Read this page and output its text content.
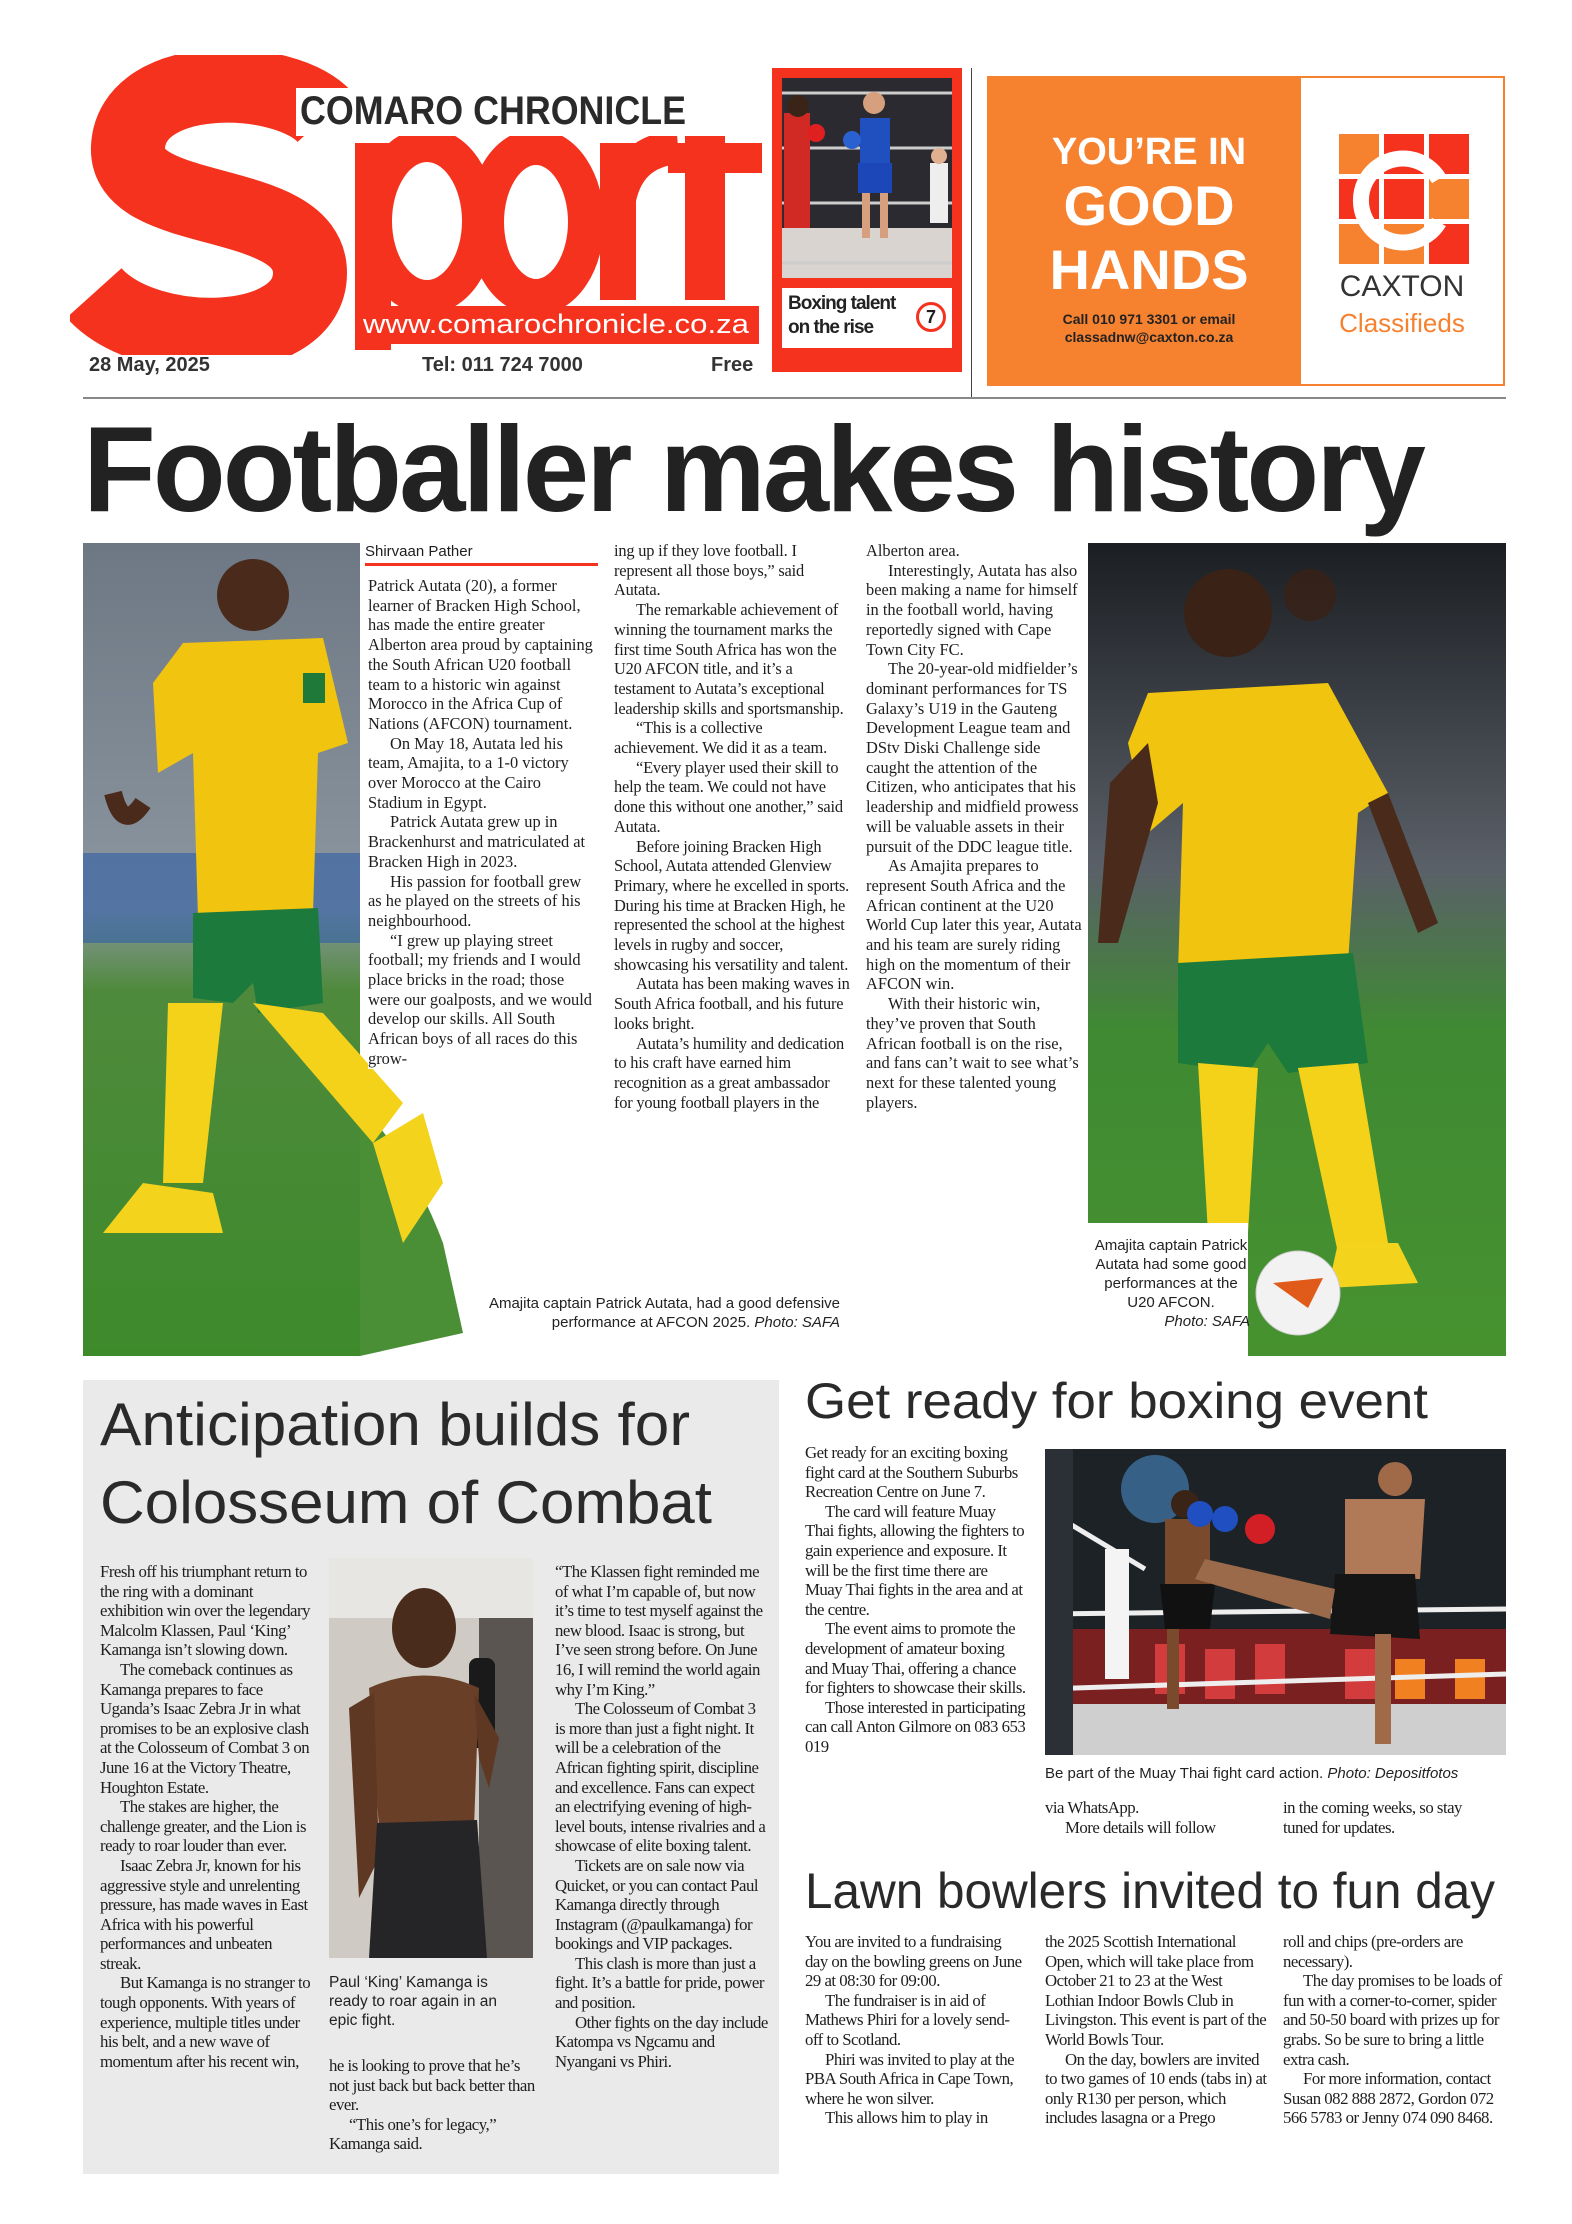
COMARO CHRONICLE
www.comarochronicle.co.za
28 May, 2025	Tel: 011 724 7000	Free
Boxing talent on the rise	7
YOU’RE IN
GOOD
HANDS
Call 010 971 3301 or email
classadnw@caxton.co.za
CAXTON
Classifieds
Footballer makes history
Shirvaan Pather

Patrick Autata (20), a former learner of Bracken High School, has made the entire greater Alberton area proud by captaining the South African U20 football team to a historic win against Morocco in the Africa Cup of Nations (AFCON) tournament.

On May 18, Autata led his team, Amajita, to a 1-0 victory over Morocco at the Cairo Stadium in Egypt.

Patrick Autata grew up in Brackenhurst and matriculated at Bracken High in 2023.

His passion for football grew as he played on the streets of his neighbourhood.

“I grew up playing street football; my friends and I would place bricks in the road; those were our goalposts, and we would develop our skills. All South African boys of all races do this grow-

ing up if they love football. I represent all those boys,” said Autata.

The remarkable achievement of winning the tournament marks the first time South Africa has won the U20 AFCON title, and it’s a testament to Autata’s exceptional leadership skills and sportsmanship.

“This is a collective achievement. We did it as a team.

“Every player used their skill to help the team. We could not have done this without one another,” said Autata.

Before joining Bracken High School, Autata attended Glenview Primary, where he excelled in sports. During his time at Bracken High, he represented the school at the highest levels in rugby and soccer, showcasing his versatility and talent.

Autata has been making waves in South Africa football, and his future looks bright.

Autata’s humility and dedication to his craft have earned him recognition as a great ambassador for young football players in the

Alberton area.

Interestingly, Autata has also been making a name for himself in the football world, having reportedly signed with Cape Town City FC.

The 20-year-old midfielder’s dominant performances for TS Galaxy’s U19 in the Gauteng Development League team and DStv Diski Challenge side caught the attention of the Citizen, who anticipates that his leadership and midfield prowess will be valuable assets in their pursuit of the DDC league title.

As Amajita prepares to represent South Africa and the African continent at the U20 World Cup later this year, Autata and his team are surely riding high on the momentum of their AFCON win.

With their historic win, they’ve proven that South African football is on the rise, and fans can’t wait to see what’s next for these talented young players.

Amajita captain Patrick Autata, had a good defensive performance at AFCON 2025. Photo: SAFA
Amajita captain Patrick Autata had some good performances at the U20 AFCON.
Photo: SAFA
Anticipation builds for
Colosseum of Combat

Fresh off his triumphant return to the ring with a dominant exhibition win over the legendary Malcolm Klassen, Paul ‘King’ Kamanga isn’t slowing down.

The comeback continues as Kamanga prepares to face Uganda’s Isaac Zebra Jr in what promises to be an explosive clash at the Colosseum of Combat 3 on June 16 at the Victory Theatre, Houghton Estate.

The stakes are higher, the challenge greater, and the Lion is ready to roar louder than ever.

Isaac Zebra Jr, known for his aggressive style and unrelenting pressure, has made waves in East Africa with his powerful performances and unbeaten streak.

But Kamanga is no stranger to tough opponents. With years of experience, multiple titles under his belt, and a new wave of momentum after his recent win,

Paul ‘King’ Kamanga is ready to roar again in an epic fight.

he is looking to prove that he’s not just back but back better than ever.

“This one’s for legacy,” Kamanga said.

“The Klassen fight reminded me of what I’m capable of, but now it’s time to test myself against the new blood. Isaac is strong, but I’ve seen strong before. On June 16, I will remind the world again why I’m King.”

The Colosseum of Combat 3 is more than just a fight night. It will be a celebration of the African fighting spirit, discipline and excellence. Fans can expect an electrifying evening of high-level bouts, intense rivalries and a showcase of elite boxing talent.

Tickets are on sale now via Quicket, or you can contact Paul Kamanga directly through Instagram (@paulkamanga) for bookings and VIP packages.

This clash is more than just a fight. It’s a battle for pride, power and position.

Other fights on the day include Katompa vs Ngcamu and Nyangani vs Phiri.

Get ready for boxing event

Get ready for an exciting boxing fight card at the Southern Suburbs Recreation Centre on June 7.

The card will feature Muay Thai fights, allowing the fighters to gain experience and exposure. It will be the first time there are Muay Thai fights in the area and at the centre.

The event aims to promote the development of amateur boxing and Muay Thai, offering a chance for fighters to showcase their skills.

Those interested in participating can call Anton Gilmore on 083 653 019

Be part of the Muay Thai fight card action. Photo: Depositfotos

via WhatsApp.

More details will follow

in the coming weeks, so stay tuned for updates.

Lawn bowlers invited to fun day

You are invited to a fundraising day on the bowling greens on June 29 at 08:30 for 09:00.

The fundraiser is in aid of Mathews Phiri for a lovely send-off to Scotland.

Phiri was invited to play at the PBA South Africa in Cape Town, where he won silver.

This allows him to play in

the 2025 Scottish International Open, which will take place from October 21 to 23 at the West Lothian Indoor Bowls Club in Livingston. This event is part of the World Bowls Tour.

On the day, bowlers are invited to two games of 10 ends (tabs in) at only R130 per person, which includes lasagna or a Prego

roll and chips (pre-orders are necessary).

The day promises to be loads of fun with a corner-to-corner, spider and 50-50 board with prizes up for grabs. So be sure to bring a little extra cash.

For more information, contact Susan 082 888 2872, Gordon 072 566 5783 or Jenny 074 090 8468.
